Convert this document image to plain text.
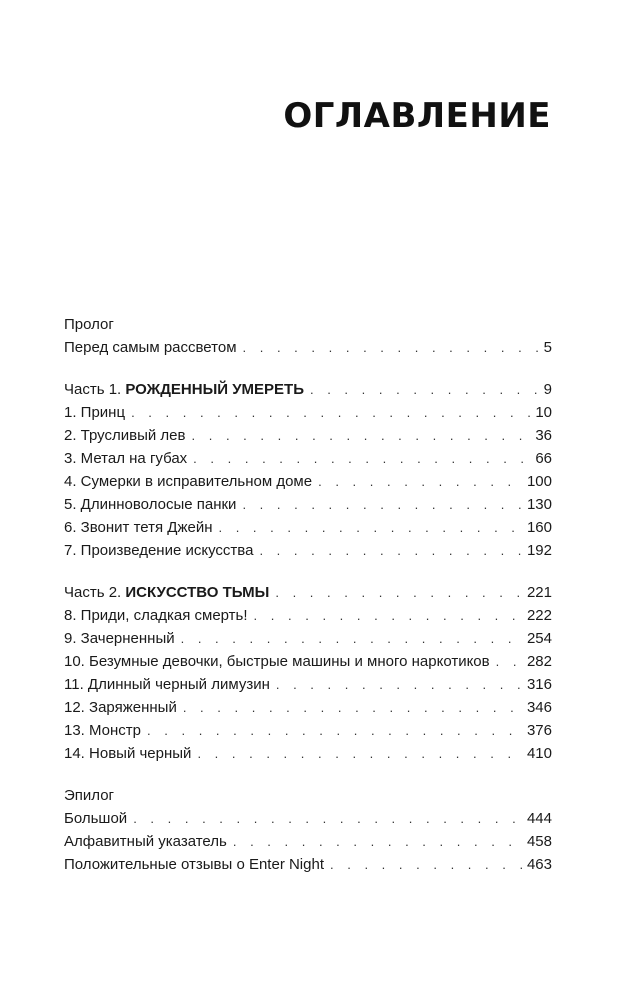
ОГЛАВЛЕНИЕ
Пролог
Перед самым рассветом . . .	5
Часть 1. РОЖДЕННЫЙ УМЕРЕТЬ . . .	9
1. Принц . . .	10
2. Трусливый лев . . .	36
3. Метал на губах . . .	66
4. Сумерки в исправительном доме . . .	100
5. Длинноволосые панки . . .	130
6. Звонит тетя Джейн . . .	160
7. Произведение искусства . . .	192
Часть 2. ИСКУССТВО ТЬМЫ . . .	221
8. Приди, сладкая смерть! . . .	222
9. Зачерненный . . .	254
10. Безумные девочки, быстрые машины и много наркотиков . . .	282
11. Длинный черный лимузин . . .	316
12. Заряженный . . .	346
13. Монстр . . .	376
14. Новый черный . . .	410
Эпилог
Большой . . .	444
Алфавитный указатель . . .	458
Положительные отзывы о Enter Night . . .	463
